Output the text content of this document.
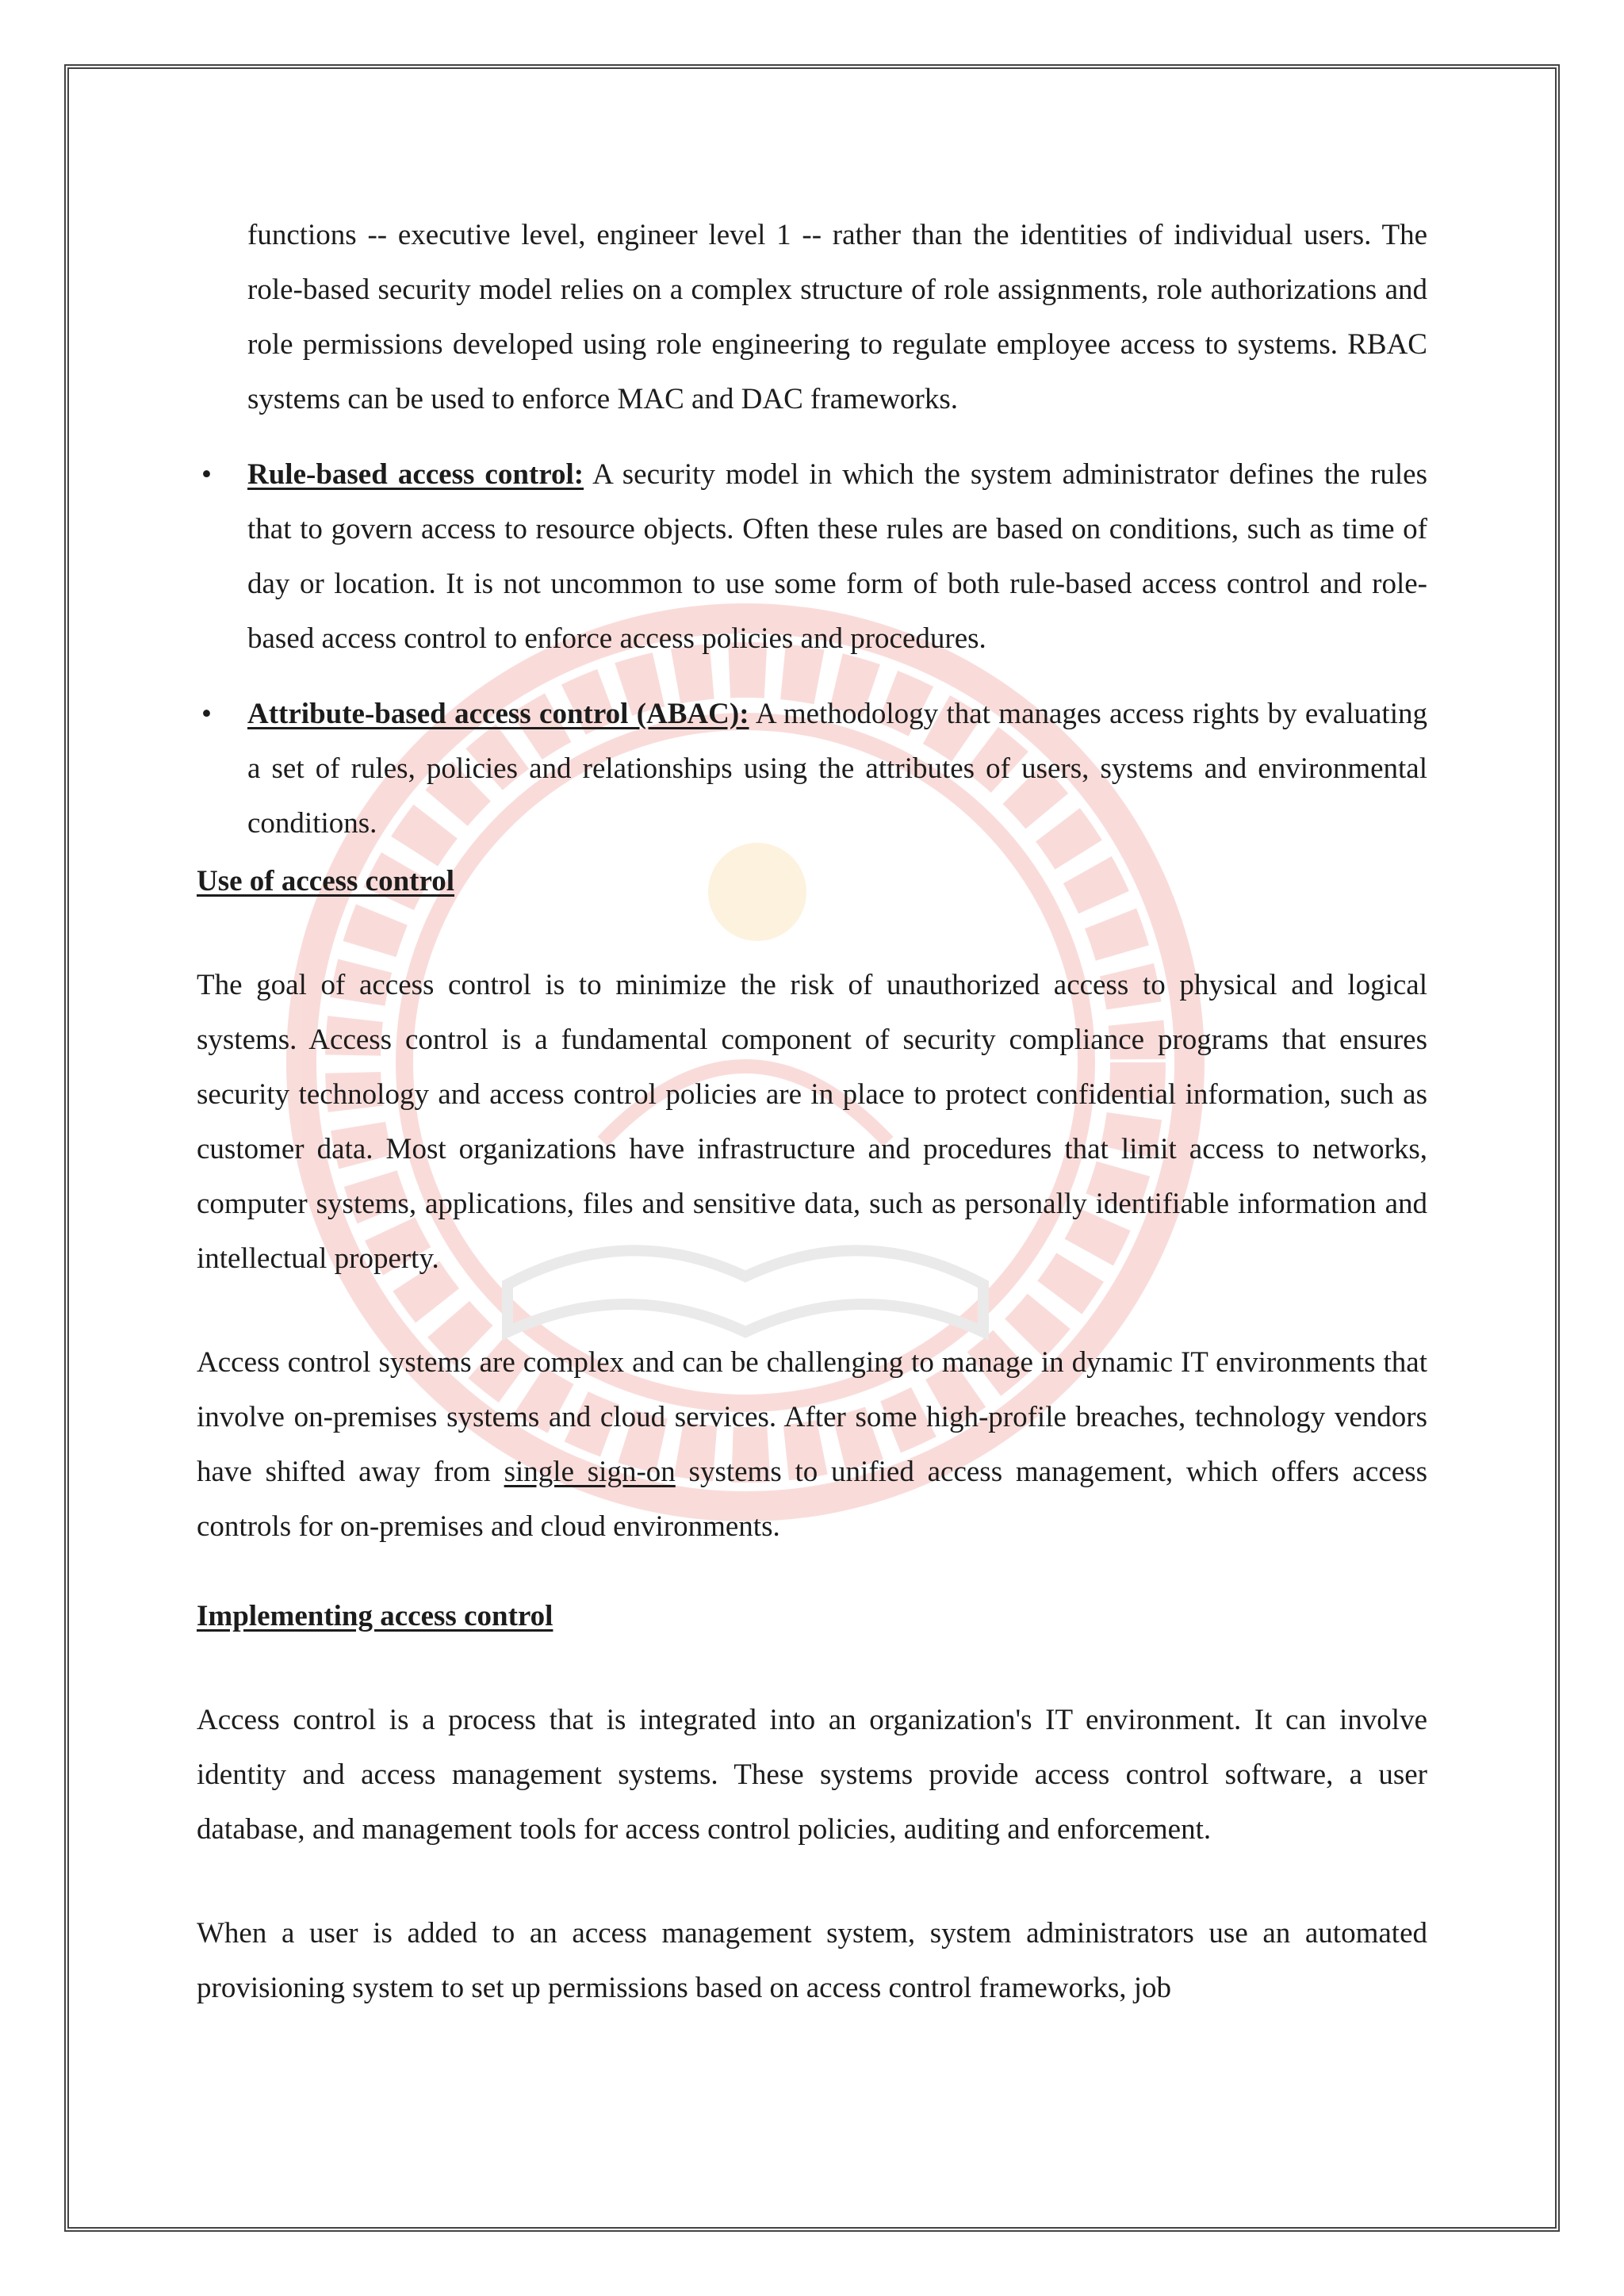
functions -- executive level, engineer level 1 -- rather than the identities of individual users. The role-based security model relies on a complex structure of role assignments, role authorizations and role permissions developed using role engineering to regulate employee access to systems. RBAC systems can be used to enforce MAC and DAC frameworks.

• Rule-based access control: A security model in which the system administrator defines the rules that to govern access to resource objects. Often these rules are based on conditions, such as time of day or location. It is not uncommon to use some form of both rule-based access control and role-based access control to enforce access policies and procedures.
• Attribute-based access control (ABAC): A methodology that manages access rights by evaluating a set of rules, policies and relationships using the attributes of users, systems and environmental conditions.
Use of access control

The goal of access control is to minimize the risk of unauthorized access to physical and logical systems. Access control is a fundamental component of security compliance programs that ensures security technology and access control policies are in place to protect confidential information, such as customer data. Most organizations have infrastructure and procedures that limit access to networks, computer systems, applications, files and sensitive data, such as personally identifiable information and intellectual property.

Access control systems are complex and can be challenging to manage in dynamic IT environments that involve on-premises systems and cloud services. After some high-profile breaches, technology vendors have shifted away from single sign-on systems to unified access management, which offers access controls for on-premises and cloud environments.

Implementing access control

Access control is a process that is integrated into an organization's IT environment. It can involve identity and access management systems. These systems provide access control software, a user database, and management tools for access control policies, auditing and enforcement.

When a user is added to an access management system, system administrators use an automated provisioning system to set up permissions based on access control frameworks, job
